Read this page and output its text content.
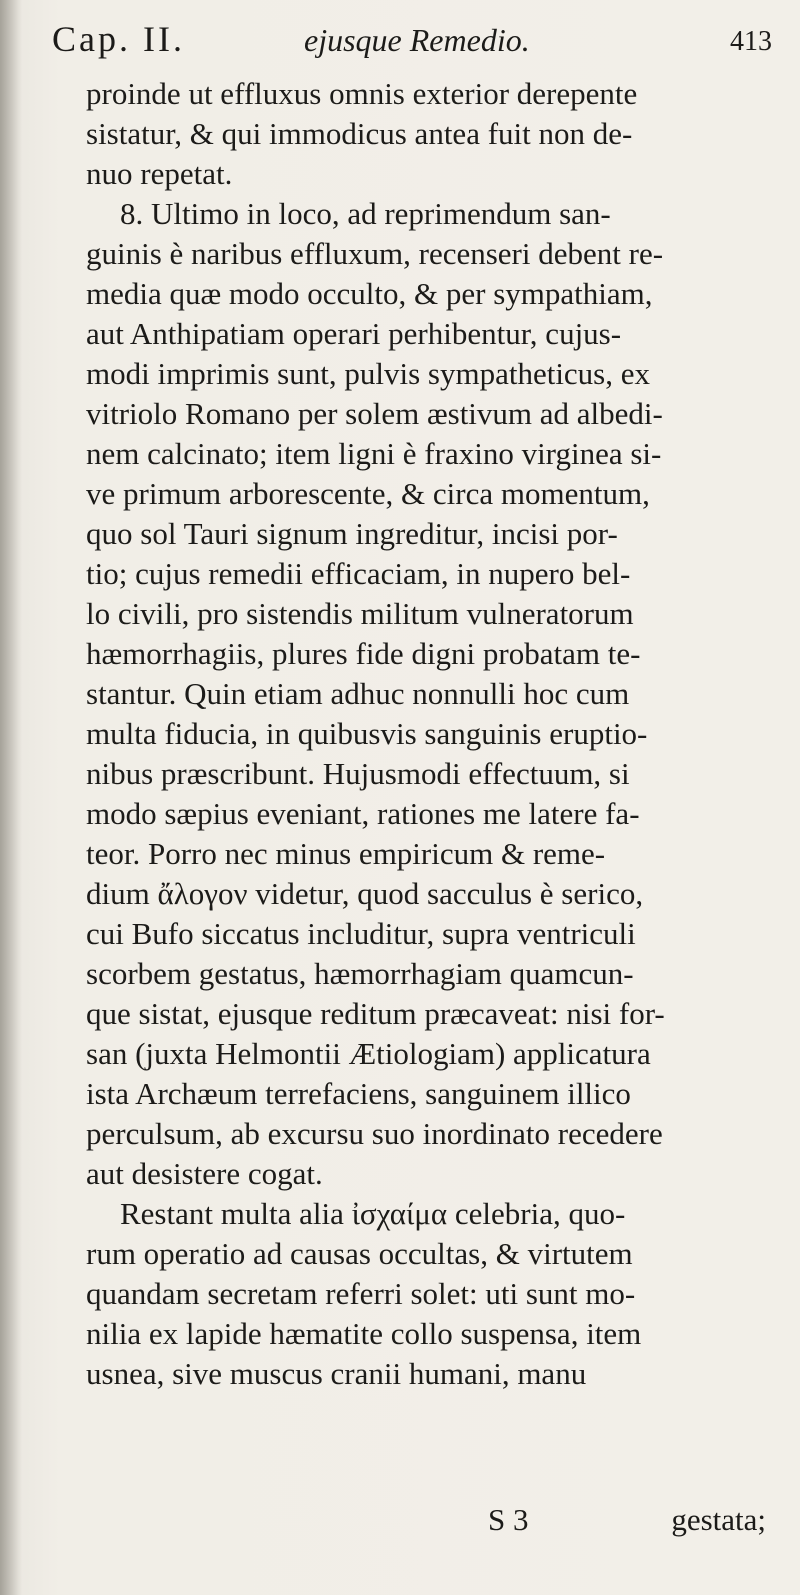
Cap. II.	ejusque Remedio.	413
proinde ut effluxus omnis exterior derepente
sistatur, & qui immodicus antea fuit non de-
nuo repetat.
8. Ultimo in loco, ad reprimendum san-
guinis è naribus effluxum, recenseri debent re-
media quæ modo occulto, & per sympathiam,
aut Anthipatiam operari perhibentur, cujus-
modi imprimis sunt, pulvis sympatheticus, ex
vitriolo Romano per solem æstivum ad albedi-
nem calcinato; item ligni è fraxino virginea si-
ve primum arborescente, & circa momentum,
quo sol Tauri signum ingreditur, incisi por-
tio; cujus remedii efficaciam, in nupero bel-
lo civili, pro sistendis militum vulneratorum
hæmorrhagiis, plures fide digni probatam te-
stantur. Quin etiam adhuc nonnulli hoc cum
multa fiducia, in quibusvis sanguinis eruptio-
nibus præscribunt. Hujusmodi effectuum, si
modo sæpius eveniant, rationes me latere fa-
teor. Porro nec minus empiricum & reme-
dium ἄλογον videtur, quod sacculus è serico,
cui Bufo siccatus includitur, supra ventriculi
scorbem gestatus, hæmorrhagiam quamcun-
que sistat, ejusque reditum præcaveat: nisi for-
san (juxta Helmontii Ætiologiam) applicatura
ista Archæum terrefaciens, sanguinem illico
perculsum, ab excursu suo inordinato recedere
aut desistere cogat.
Restant multa alia ἰσχαίμα celebria, quo-
rum operatio ad causas occultas, & virtutem
quandam secretam referri solet: uti sunt mo-
nilia ex lapide hæmatite collo suspensa, item
usnea, sive muscus cranii humani, manu
S 3	gestata;
